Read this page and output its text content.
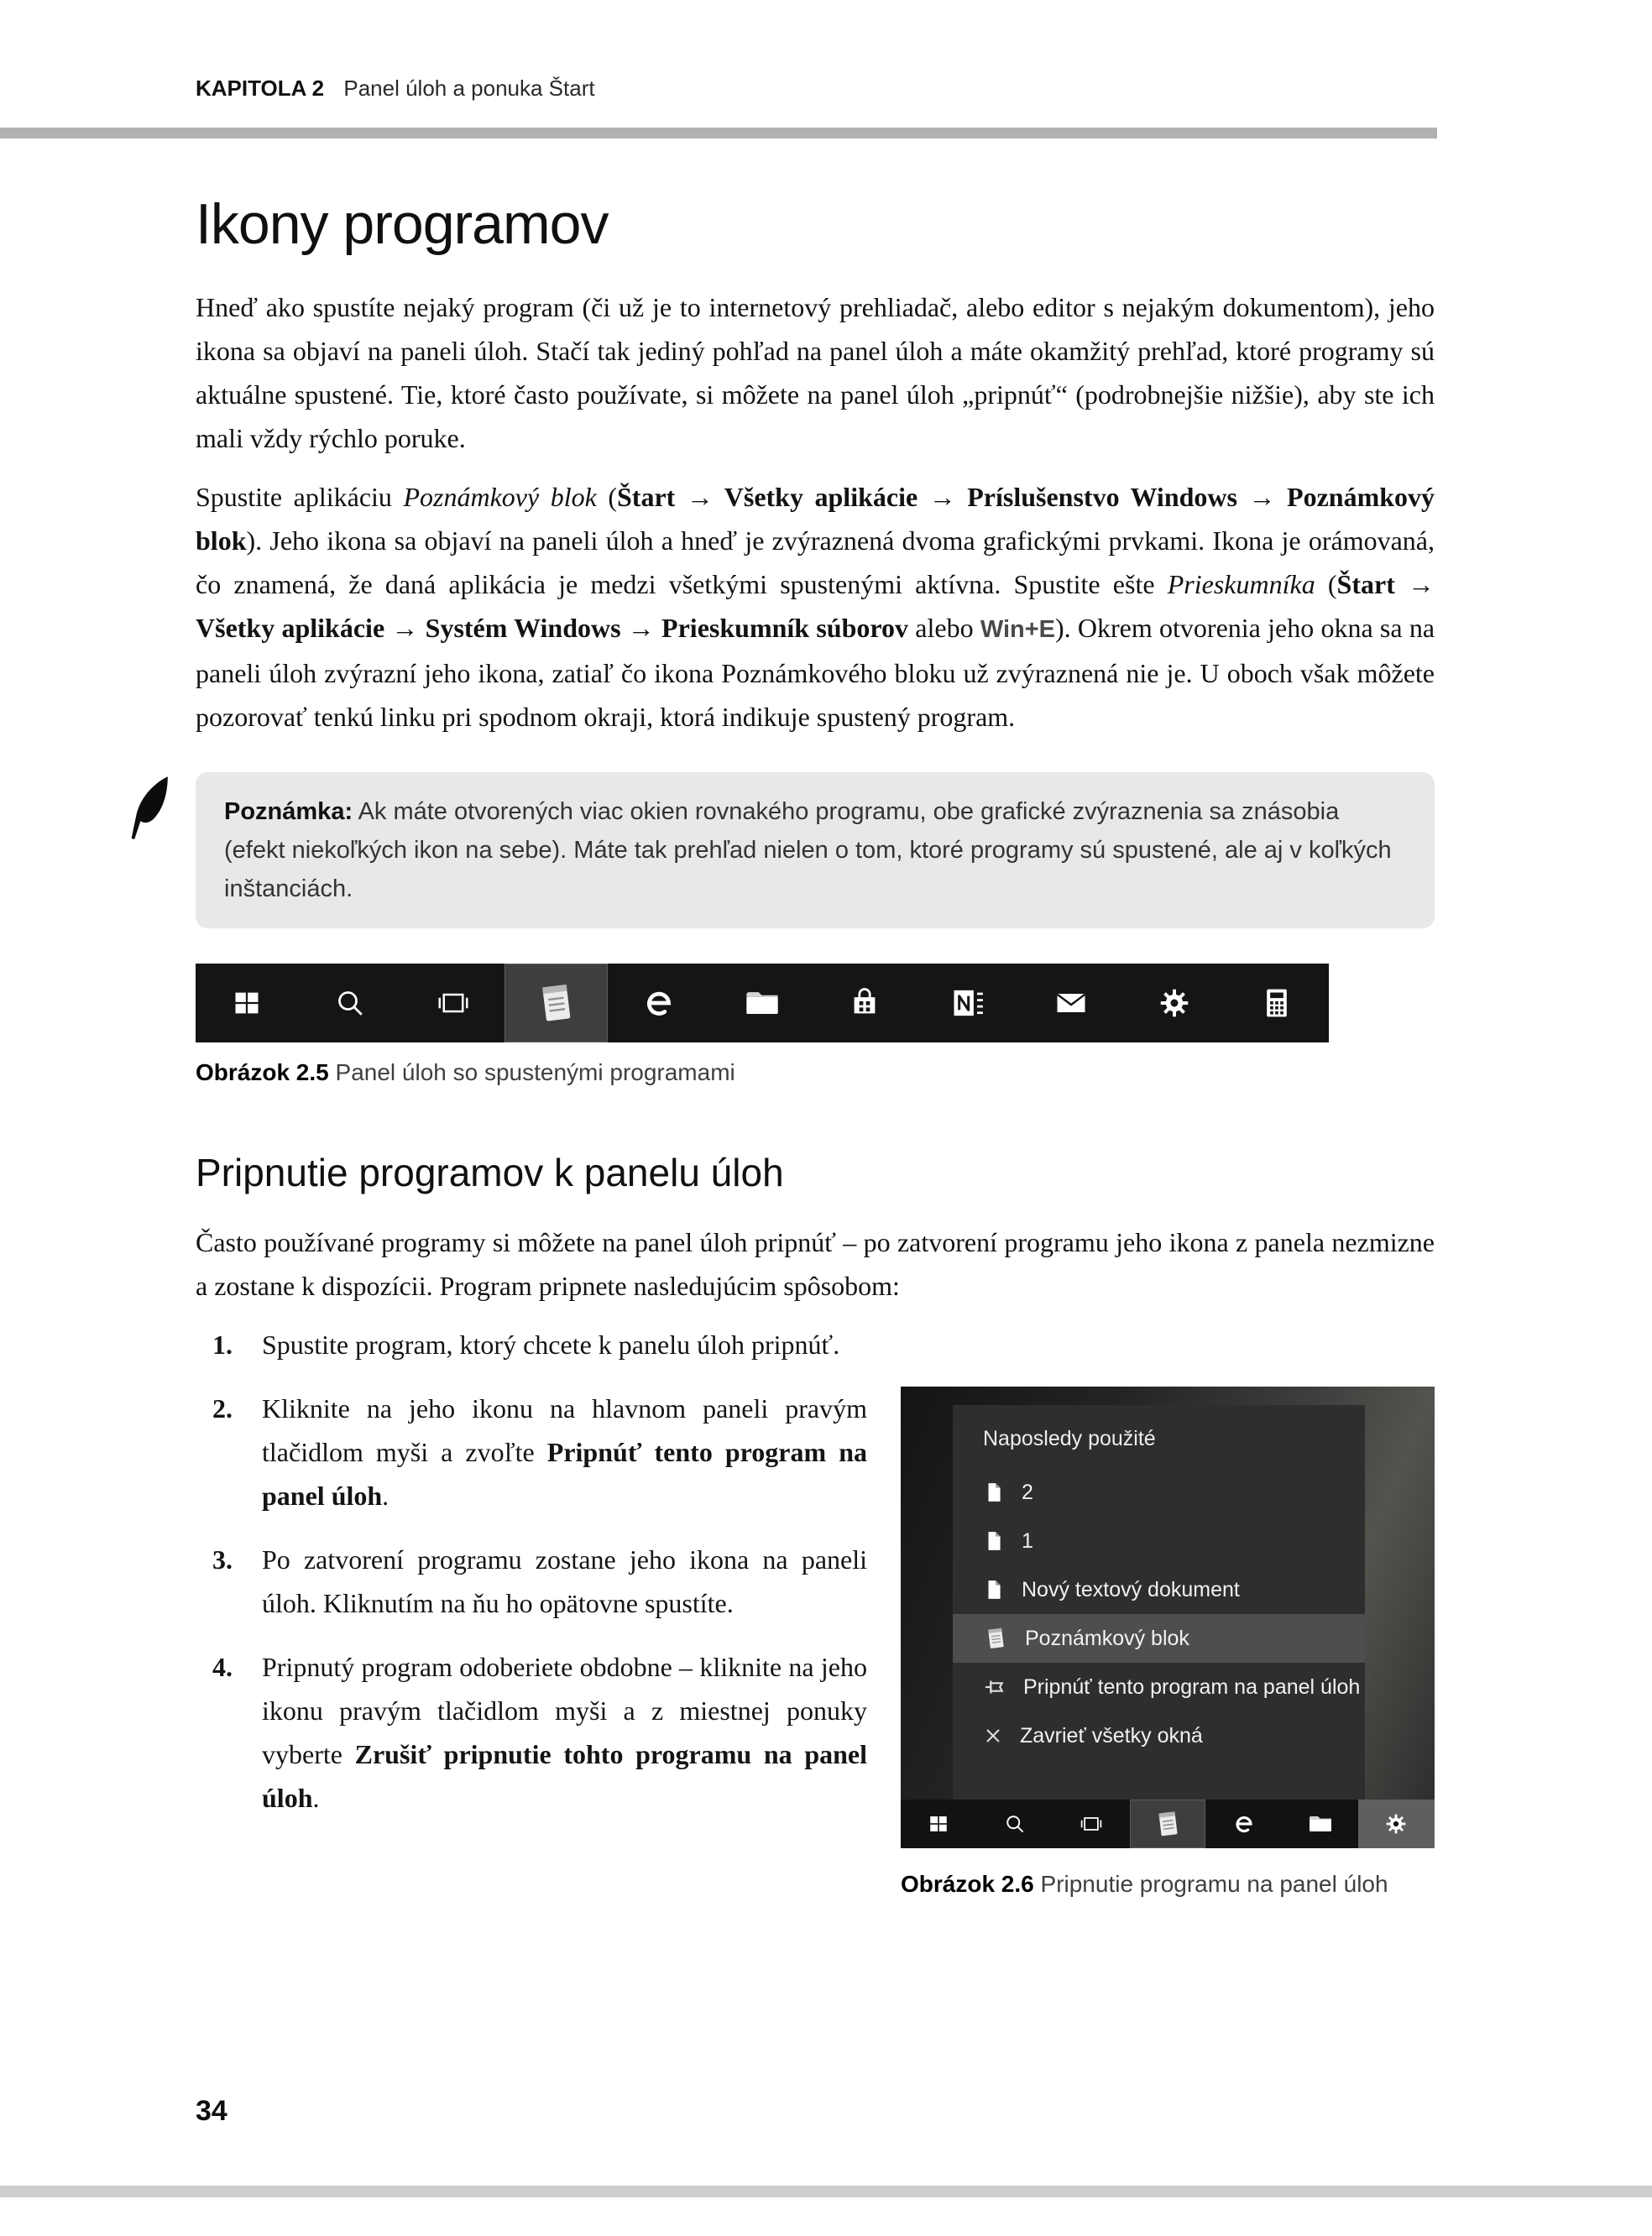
KAPITOLA 2 Panel úloh a ponuka Štart
Ikony programov

Hneď ako spustíte nejaký program (či už je to internetový prehliadač, alebo editor s nejakým dokumentom), jeho ikona sa objaví na paneli úloh. Stačí tak jediný pohľad na panel úloh a máte okamžitý prehľad, ktoré programy sú aktuálne spustené. Tie, ktoré často používate, si môžete na panel úloh „pripnúť“ (podrobnejšie nižšie), aby ste ich mali vždy rýchlo poruke.

Spustite aplikáciu Poznámkový blok (Štart → Všetky aplikácie → Príslušenstvo Windows → Poznámkový blok). Jeho ikona sa objaví na paneli úloh a hneď je zvýraznená dvoma grafickými prvkami. Ikona je orámovaná, čo znamená, že daná aplikácia je medzi všetkými spustenými aktívna. Spustite ešte Prieskumníka (Štart → Všetky aplikácie → Systém Windows → Prieskumník súborov alebo Win+E). Okrem otvorenia jeho okna sa na paneli úloh zvýrazní jeho ikona, zatiaľ čo ikona Poznámkového bloku už zvýraznená nie je. U oboch však môžete pozorovať tenkú linku pri spodnom okraji, ktorá indikuje spustený program.

Poznámka: Ak máte otvorených viac okien rovnakého programu, obe grafické zvýraznenia sa znásobia (efekt niekoľkých ikon na sebe). Máte tak prehľad nielen o tom, ktoré programy sú spustené, ale aj v koľkých inštanciách.
Obrázok 2.5 Panel úloh so spustenými programami
Pripnutie programov k panelu úloh

Často používané programy si môžete na panel úloh pripnúť – po zatvorení programu jeho ikona z panela nezmizne a zostane k dispozícii. Program pripnete nasledujúcim spôsobom:

1. Spustite program, ktorý chcete k panelu úloh pripnúť.
2. Kliknite na jeho ikonu na hlavnom paneli pravým tlačidlom myši a zvoľte Pripnúť tento program na panel úloh.
3. Po zatvorení programu zostane jeho ikona na paneli úloh. Kliknutím na ňu ho opätovne spustíte.
4. Pripnutý program odoberiete obdobne – kliknite na jeho ikonu pravým tlačidlom myši a z miestnej ponuky vyberte Zrušiť pripnutie tohto programu na panel úloh.
Naposledy použité
2
1
Nový textový dokument
Poznámkový blok
Pripnúť tento program na panel úloh
Zavrieť všetky okná
Obrázok 2.6 Pripnutie programu na panel úloh
34
